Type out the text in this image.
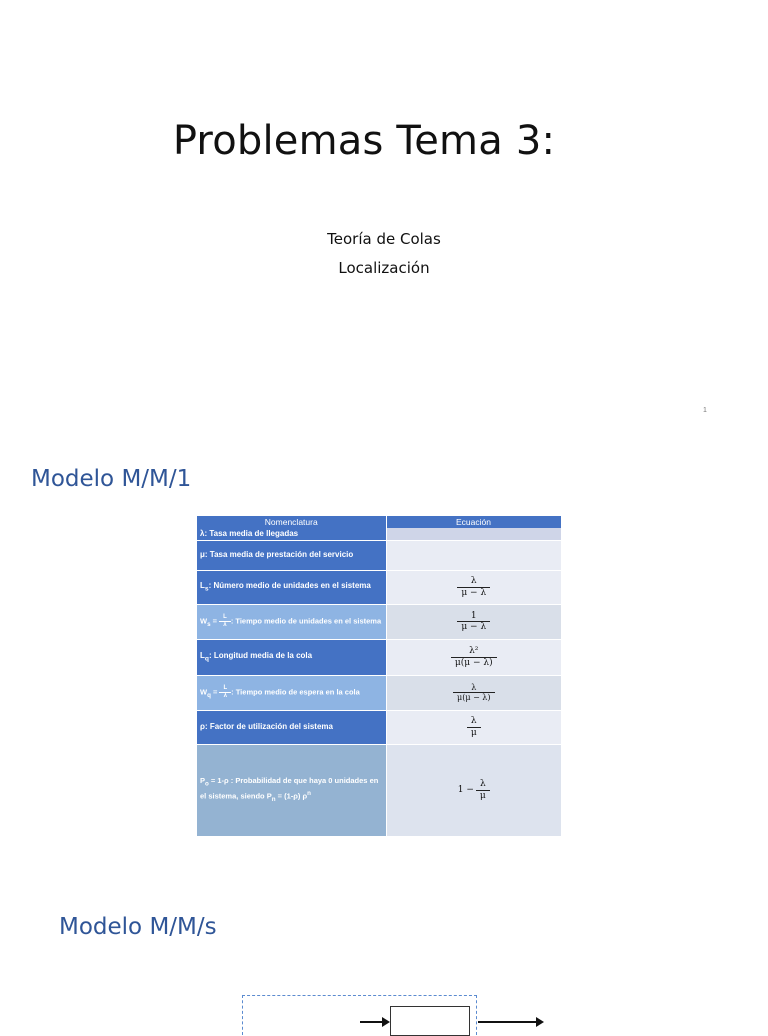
Problemas Tema 3:
Teoría de Colas
Localización
1
Modelo M/M/1
Nomenclatura	Ecuación
λ: Tasa media de llegadas	
μ: Tasa media de prestación del servicio	
$L_s$: Número medio de unidades en el sistema	$\frac{\lambda}{\mu - \lambda}$

$W_s = \frac{L}{\lambda}$ : Tiempo medio de unidades en el sistema	$\frac{1}{\mu - \lambda}$

$L_q$: Longitud media de la cola	$\frac{\text{λ²}}{\mu(\mu - \lambda)}$

$W_q = \frac{L}{\lambda}$ : Tiempo medio de espera en la cola	$\frac{\lambda}{\mu(\mu - \lambda)}$

ρ: Factor de utilización del sistema	$\frac{\lambda}{\mu}$

$P_o = 1-\rho$ : Probabilidad de que haya 0 unidades en el sistema, siendo $P_n = (1-\rho)$ $\rho^n$	$1 - \frac{\lambda}{\mu}$
Modelo M/M/s
